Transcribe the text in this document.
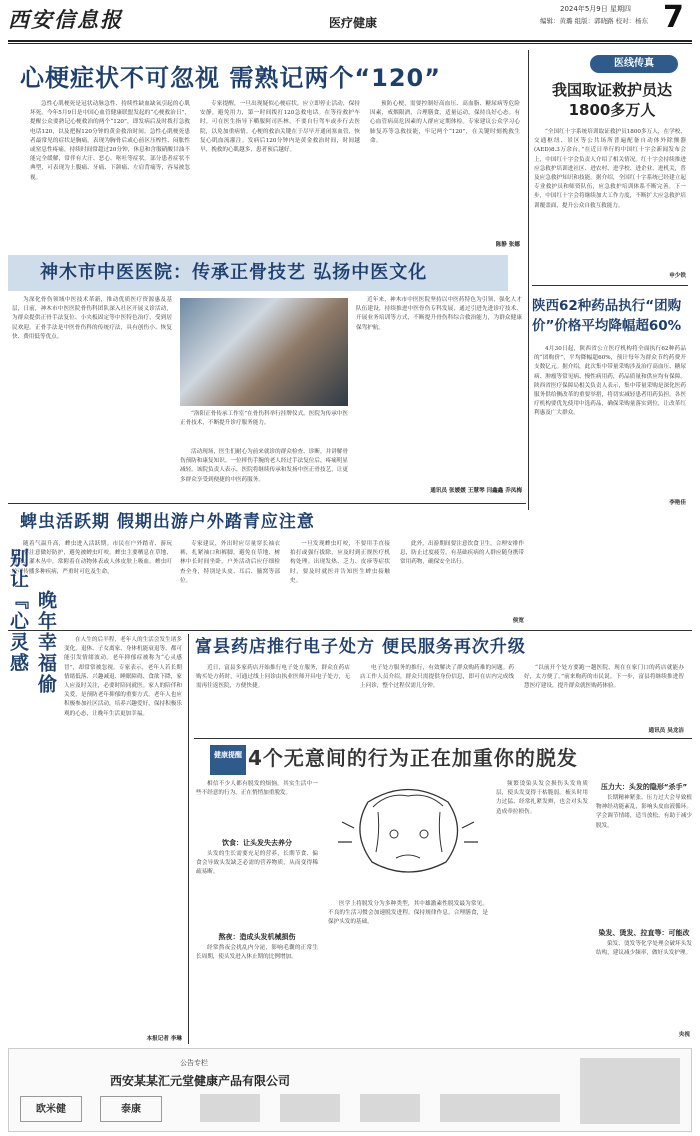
西安信息报	医疗健康
2024年5月9日 星期四
编辑：黄璐 组版：郭晓路 校对：杨东 7
心梗症状不可忽视 需熟记两个“120”
急性心肌梗死是冠状动脉急性、持续性缺血缺氧引起的心肌坏死。今年5月9日是中国心血管健康联盟发起的“心梗救治日”，提醒公众要熟记心梗救治的两个“120”，即发病后及时拨打急救电话120，以及把握120分钟的黄金救治时间。急性心肌梗死患者最常见的症状是胸痛，表现为胸骨后或心前区压榨性、闷胀性或窒息性疼痛，持续时间常超过20分钟，休息和含服硝酸甘油不能完全缓解，常伴有大汗、恶心、呕吐等症状。部分患者症状不典型，可表现为上腹痛、牙痛、下颌痛、左肩背痛等，容易被忽视。
专家提醒，一旦出现疑似心梗症状，应立即停止活动，保持安静，避免用力，第一时间拨打120急救电话。在等待救护车时，可在医生指导下嚼服阿司匹林。不要自行驾车或步行去医院，以免加重病情。心梗的救治关键在于尽早开通闭塞血管，恢复心肌血流灌注。发病后120分钟内是黄金救治时间，时间越早，挽救的心肌越多，患者预后越好。
预防心梗，需要控制好高血压、高血脂、糖尿病等危险因素，戒烟限酒，合理膳食，适量运动，保持良好心态。有心血管病高危因素的人群应定期体检。专家建议公众学习心肺复苏等急救技能，牢记两个“120”，在关键时刻挽救生命。
陈静 张娜
医线传真
我国取证救护员达1800多万人
“全国红十字系统培训取证救护员1800多万人，在学校、交通枢纽、景区等公共场所普遍配备自动体外除颤器(AED)8.3万余台。”在近日举行的中国红十字会新闻发布会上，中国红十字会负责人介绍了相关情况。红十字会持续推进应急救护培训进社区、进农村、进学校、进企业、进机关，普及应急救护知识和技能。据介绍，全国红十字系统已经建立起专业救护员和师资队伍，应急救护培训体系不断完善。下一步，中国红十字会将继续加大工作力度，不断扩大应急救护培训覆盖面，提升公众自救互救能力。
申少铁
陕西62种药品执行“团购价”价格平均降幅超60%
4月30日起，陕西省公立医疗机构将全面执行62种药品的“团购价”，平均降幅超60%，预计每年为群众节约药费开支数亿元。据介绍，此次集中带量采购涉及治疗高血压、糖尿病、肿瘤等常见病、慢性病用药，药品质量和供应均有保障。陕西省医疗保障局相关负责人表示，集中带量采购是深化医药服务供给侧改革的重要举措，将切实减轻患者用药负担。各医疗机构要优先使用中选药品，确保采购量落实到位，让改革红利惠及广大群众。
李艳佳
神木市中医医院：传承正骨技艺 弘扬中医文化
为深化骨伤领域中医技术革新，推动优质医疗资源惠及基层，日前，神木市中医医院骨伤科团队深入社区开展义诊活动，为群众提供正骨手法复位、小夹板固定等中医特色治疗，受到居民欢迎。正骨手法是中医骨伤科的传统疗法，具有创伤小、恢复快、费用低等优点。
“洛阳正骨传承工作室”在骨伤科举行挂牌仪式。医院为传承中医正骨技术，不断提升诊疗服务能力。
活动现场，医生们耐心为前来就诊的群众检查、诊断，并讲解骨伤预防和康复知识。一位摔伤手腕的老人经过手法复位后，疼痛明显减轻。该院负责人表示，医院将继续传承和发扬中医正骨技艺，让更多群众享受到便捷的中医药服务。
近年来，神木市中医医院坚持以中医药特色为引领，强化人才队伍建设，持续推进中医骨伤专科发展，通过引进先进诊疗技术、开展业务培训等方式，不断提升骨伤科综合救治能力，为群众健康保驾护航。
通讯员 张媛媛 王慧琴 闫鑫鑫 乔凤梅
蜱虫活跃期 假期出游户外踏青应注意
随着气温升高，蜱虫进入活跃期。市民在户外踏青、游玩时，要注意做好防护，避免被蜱虫叮咬。蜱虫主要栖息在草地、树林、灌木丛中，常附着在动物体表或人体皮肤上吸血。蜱虫叮咬可传播多种疾病，严重时可危及生命。
专家建议，外出时应尽量穿长袖衣裤，扎紧袖口和裤脚，避免在草地、树林中长时间坐卧。户外活动后应仔细检查全身，特别是头皮、耳后、腋窝等部位。
一旦发现蜱虫叮咬，不要用手直接拍打或强行拔除，应及时到正规医疗机构处理。出现发热、乏力、皮疹等症状时，要及时就医并告知医生蜱虫接触史。
此外，出游期间要注意饮食卫生，合理安排作息，防止过度疲劳。有基础疾病的人群应随身携带常用药物，确保安全出行。
侯宽
别让『心灵感
晚年幸福偷
在人生的后半程，老年人的生活会发生诸多变化，退休、子女离家、身体机能衰退等，都可能引发情绪波动。老年抑郁症被称为“心灵感冒”，却常常被忽视。专家表示，老年人若长期情绪低落、兴趣减退、睡眠障碍、食欲下降，家人应及时关注，必要时陪同就医。家人的陪伴和关爱，是预防老年抑郁的重要方式。老年人也应积极参加社区活动，培养兴趣爱好，保持积极乐观的心态，让晚年生活更加幸福。
本报记者 李琳
富县药店推行电子处方 便民服务再次升级
近日，富县多家药店开始推行电子处方服务，群众在药店购买处方药时，可通过线上问诊由执业医师开具电子处方，无需再往返医院，方便快捷。
电子处方服务的推行，有效解决了群众购药难的问题。药店工作人员介绍，群众只需提供身份信息，即可在店内完成线上问诊，整个过程仅需几分钟。
“以前开个处方要跑一趟医院，现在在家门口的药店就能办好，太方便了。”前来购药的市民说。下一步，富县将继续推进智慧医疗建设，提升群众就医购药体验。
通讯员 吴龙洁
健康提醒 4个无意间的行为正在加重你的脱发
相信不少人都有脱发的烦恼。其实生活中一些不经意的行为，正在悄悄加重脱发。
饮食：让头发失去养分
头发的生长需要充足的营养，长期节食、偏食会导致头发缺乏必需的营养物质，从而变得稀疏易断。
熬夜：造成头发机械损伤
经常熬夜会扰乱内分泌，影响毛囊的正常生长周期，使头发进入休止期的比例增加。
医学上将脱发分为多种类型，其中雄激素性脱发最为常见。不良的生活习惯会加速脱发进程。保持规律作息，合理膳食，是保护头发的基础。
频繁烫染头发会损伤头发角质层，使头发变得干枯脆弱。梳头时用力过猛、经常扎紧发辫，也会对头发造成牵拉损伤。
压力大：头发的隐形“杀手”
长期精神紧张、压力过大会导致植物神经功能紊乱，影响头皮血液循环。学会调节情绪，适当放松，有助于减少脱发。
染发、烫发、拉直等：可能改
染发、烫发等化学处理会破坏头发结构，建议减少频率，做好头发护理。
央视
公告专栏
西安某某汇元堂健康产品有限公司
欧米健	泰康
